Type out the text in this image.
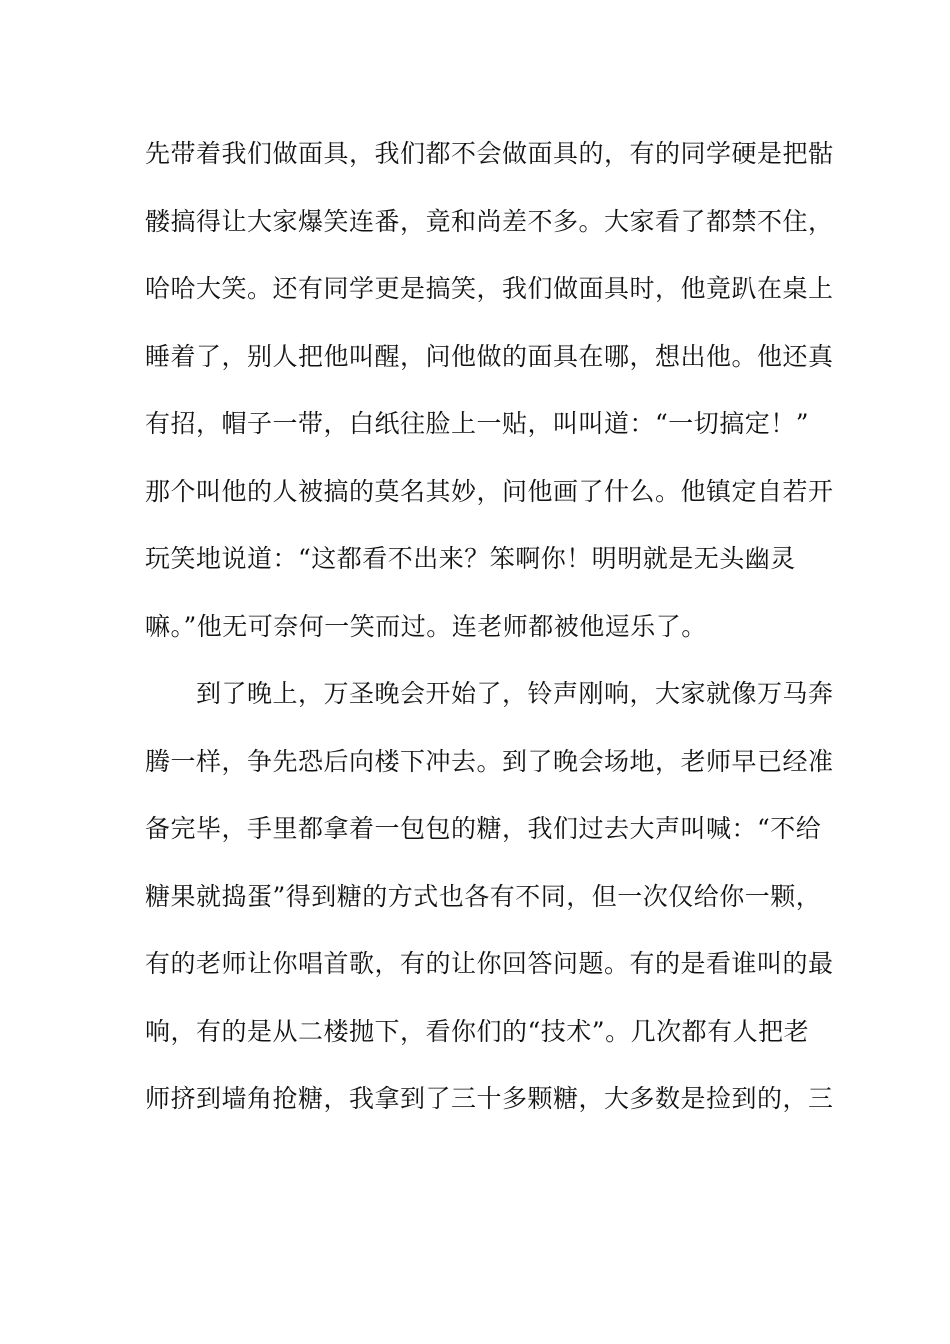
先带着我们做面具，我们都不会做面具的，有的同学硬是把骷
髅搞得让大家爆笑连番，竟和尚差不多。大家看了都禁不住，
哈哈大笑。还有同学更是搞笑，我们做面具时，他竟趴在桌上
睡着了，别人把他叫醒，问他做的面具在哪，想出他。他还真
有招，帽子一带，白纸往脸上一贴，叫叫道：“一切搞定！”
那个叫他的人被搞的莫名其妙，问他画了什么。他镇定自若开
玩笑地说道：“这都看不出来？笨啊你！明明就是无头幽灵
嘛。”他无可奈何一笑而过。连老师都被他逗乐了。
　　到了晚上，万圣晚会开始了，铃声刚响，大家就像万马奔
腾一样，争先恐后向楼下冲去。到了晚会场地，老师早已经准
备完毕，手里都拿着一包包的糖，我们过去大声叫喊：“不给
糖果就捣蛋”得到糖的方式也各有不同，但一次仅给你一颗，
有的老师让你唱首歌，有的让你回答问题。有的是看谁叫的最
响，有的是从二楼抛下，看你们的“技术”。几次都有人把老
师挤到墙角抢糖，我拿到了三十多颗糖，大多数是捡到的，三
